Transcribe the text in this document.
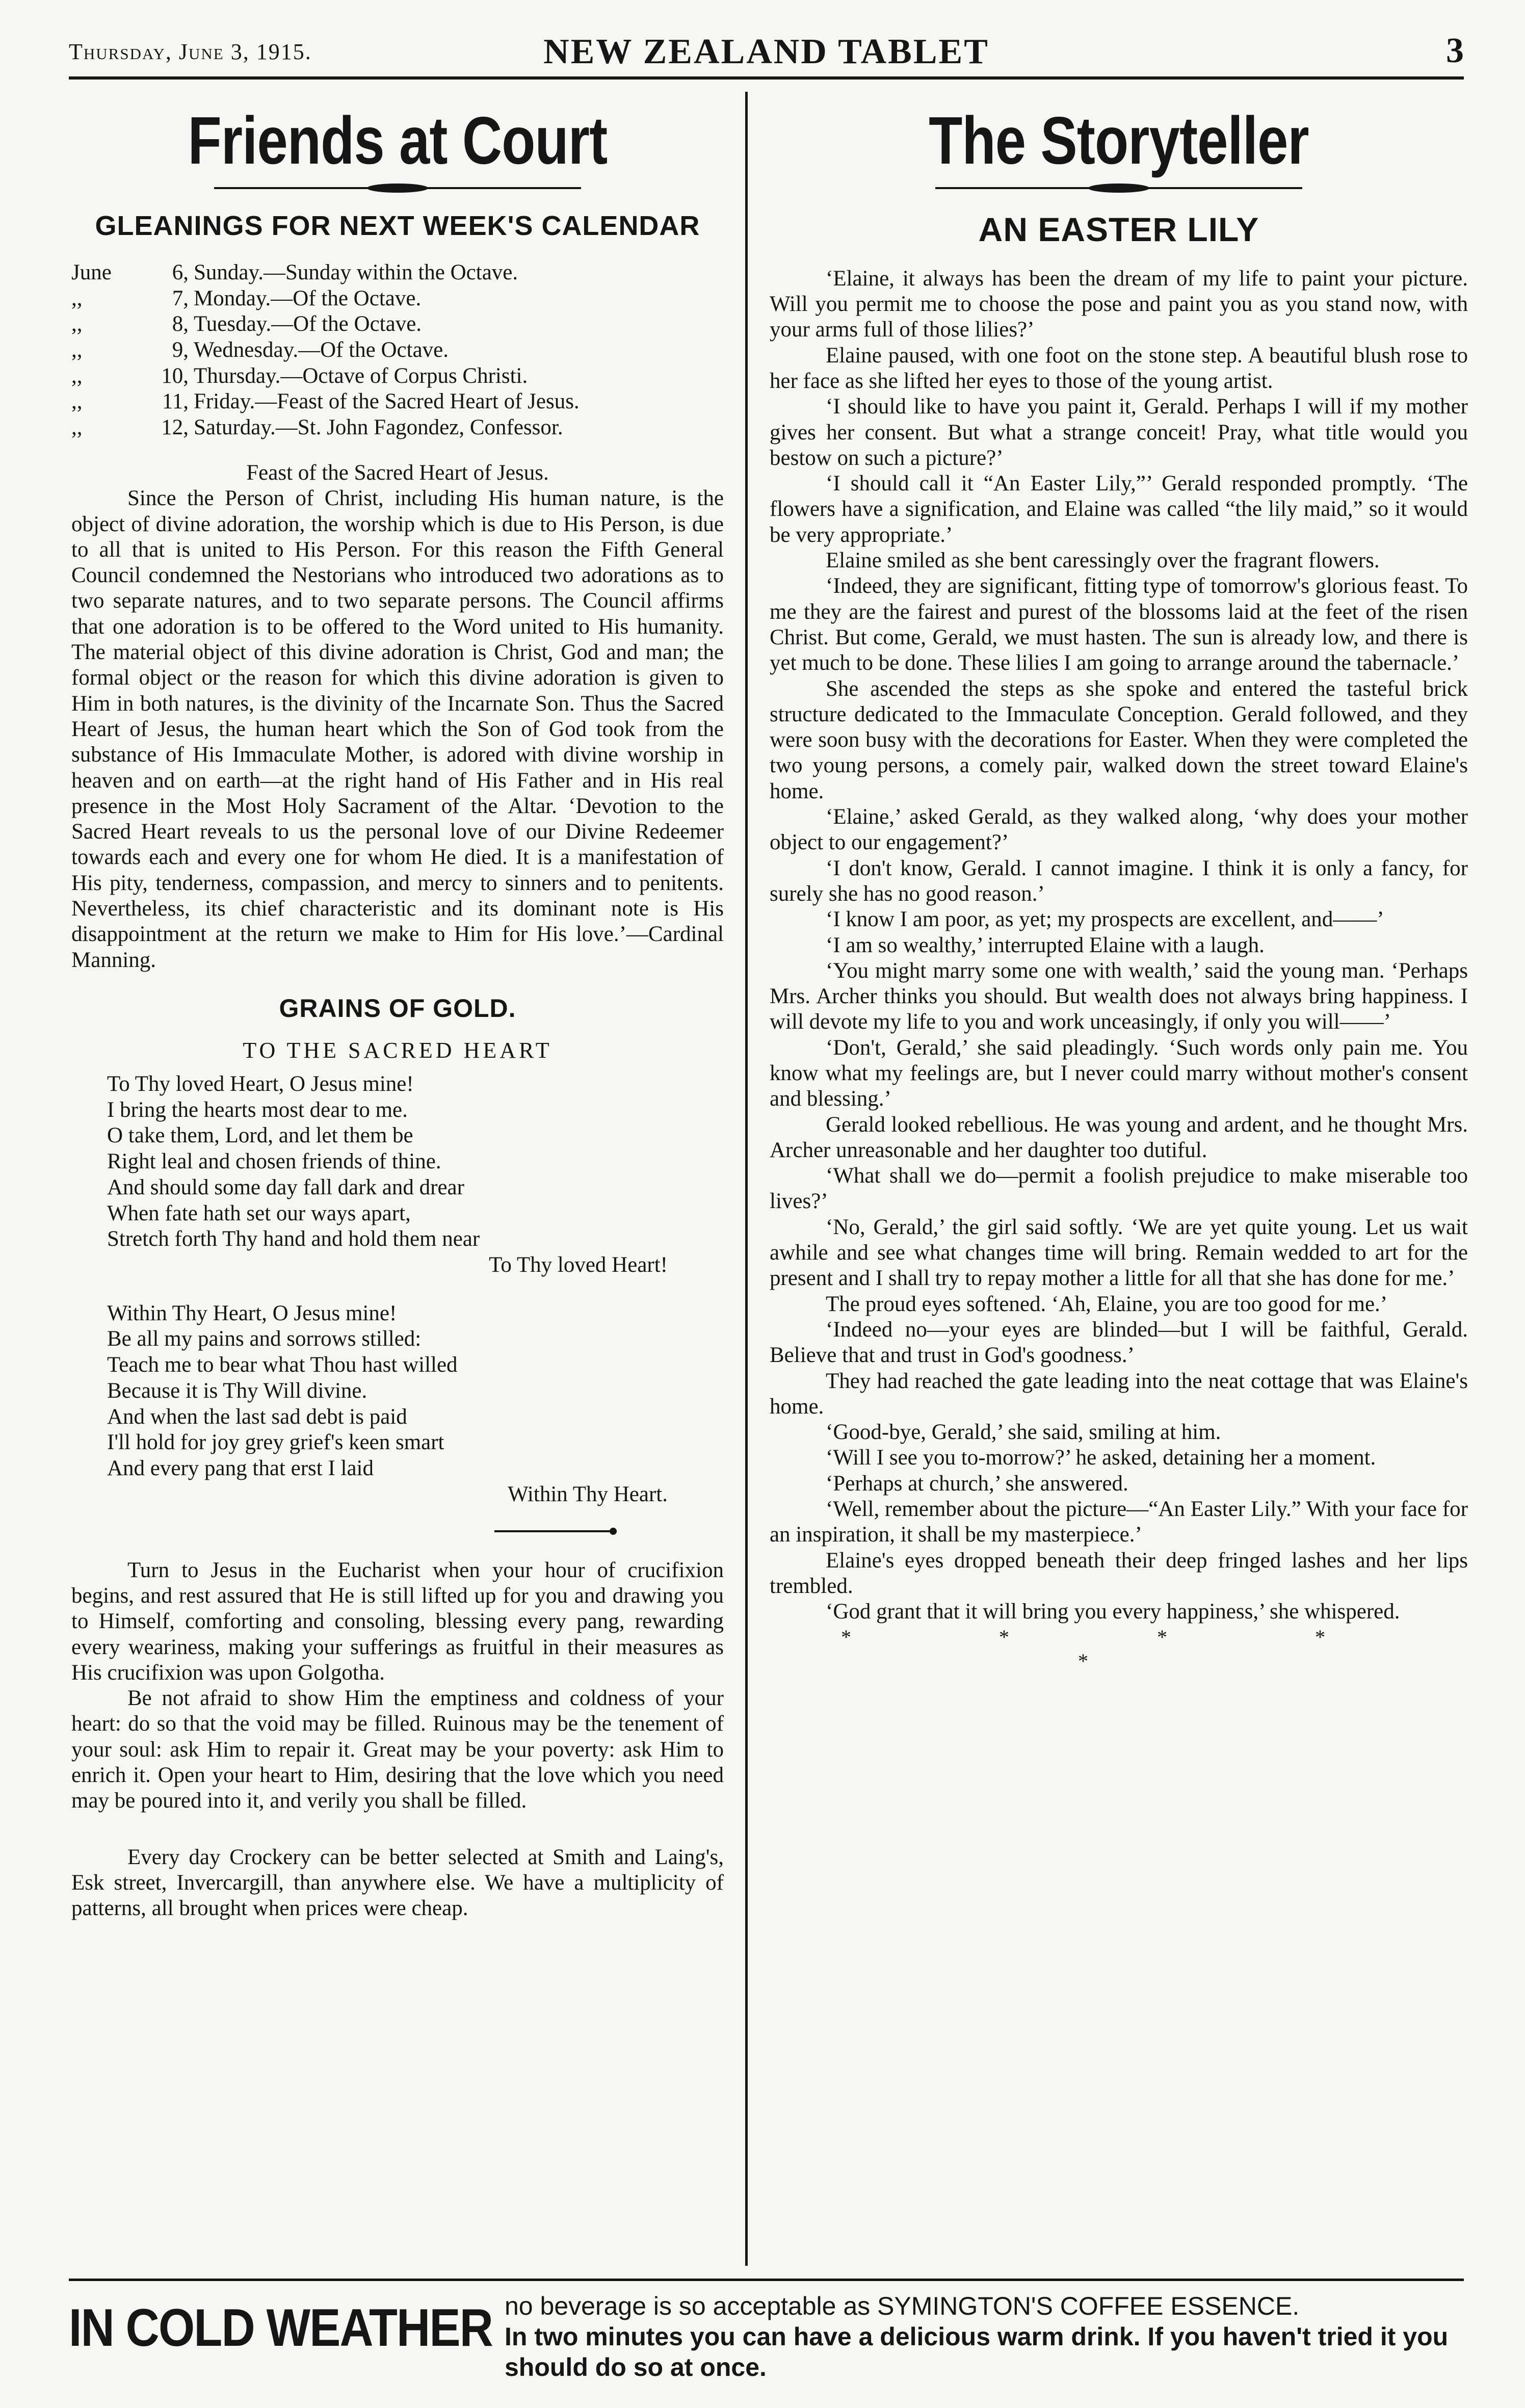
Thursday, June 3, 1915.	NEW ZEALAND TABLET	3
Friends at Court
GLEANINGS FOR NEXT WEEK'S CALENDAR
June	6, Sunday.—Sunday within the Octave.
,,	7, Monday.—Of the Octave.
,,	8, Tuesday.—Of the Octave.
,,	9, Wednesday.—Of the Octave.
,,	10, Thursday.—Octave of Corpus Christi.
,,	11, Friday.—Feast of the Sacred Heart of Jesus.
,,	12, Saturday.—St. John Fagondez, Confessor.

Feast of the Sacred Heart of Jesus.

Since the Person of Christ, including His human nature, is the object of divine adoration, the worship which is due to His Person, is due to all that is united to His Person. For this reason the Fifth General Council condemned the Nestorians who introduced two adorations as to two separate natures, and to two separate persons. The Council affirms that one adoration is to be offered to the Word united to His humanity. The material object of this divine adoration is Christ, God and man; the formal object or the reason for which this divine adoration is given to Him in both natures, is the divinity of the Incarnate Son. Thus the Sacred Heart of Jesus, the human heart which the Son of God took from the substance of His Immaculate Mother, is adored with divine worship in heaven and on earth—at the right hand of His Father and in His real presence in the Most Holy Sacrament of the Altar. ‘Devotion to the Sacred Heart reveals to us the personal love of our Divine Redeemer towards each and every one for whom He died. It is a manifestation of His pity, tenderness, compassion, and mercy to sinners and to penitents. Nevertheless, its chief characteristic and its dominant note is His disappointment at the return we make to Him for His love.’—Cardinal Manning.

GRAINS OF GOLD.
TO THE SACRED HEART
To Thy loved Heart, O Jesus mine!
I bring the hearts most dear to me.
O take them, Lord, and let them be
Right leal and chosen friends of thine.
And should some day fall dark and drear
When fate hath set our ways apart,
Stretch forth Thy hand and hold them near
To Thy loved Heart!
Within Thy Heart, O Jesus mine!
Be all my pains and sorrows stilled:
Teach me to bear what Thou hast willed
Because it is Thy Will divine.
And when the last sad debt is paid
I'll hold for joy grey grief's keen smart
And every pang that erst I laid
Within Thy Heart.

Turn to Jesus in the Eucharist when your hour of crucifixion begins, and rest assured that He is still lifted up for you and drawing you to Himself, comforting and consoling, blessing every pang, rewarding every weariness, making your sufferings as fruitful in their measures as His crucifixion was upon Golgotha.

Be not afraid to show Him the emptiness and coldness of your heart: do so that the void may be filled. Ruinous may be the tenement of your soul: ask Him to repair it. Great may be your poverty: ask Him to enrich it. Open your heart to Him, desiring that the love which you need may be poured into it, and verily you shall be filled.

Every day Crockery can be better selected at Smith and Laing's, Esk street, Invercargill, than anywhere else. We have a multiplicity of patterns, all brought when prices were cheap.

The Storyteller
AN EASTER LILY

‘Elaine, it always has been the dream of my life to paint your picture. Will you permit me to choose the pose and paint you as you stand now, with your arms full of those lilies?’

Elaine paused, with one foot on the stone step. A beautiful blush rose to her face as she lifted her eyes to those of the young artist.

‘I should like to have you paint it, Gerald. Perhaps I will if my mother gives her consent. But what a strange conceit! Pray, what title would you bestow on such a picture?’

‘I should call it “An Easter Lily,”’ Gerald responded promptly. ‘The flowers have a signification, and Elaine was called “the lily maid,” so it would be very appropriate.’

Elaine smiled as she bent caressingly over the fragrant flowers.

‘Indeed, they are significant, fitting type of tomorrow's glorious feast. To me they are the fairest and purest of the blossoms laid at the feet of the risen Christ. But come, Gerald, we must hasten. The sun is already low, and there is yet much to be done. These lilies I am going to arrange around the tabernacle.’

She ascended the steps as she spoke and entered the tasteful brick structure dedicated to the Immaculate Conception. Gerald followed, and they were soon busy with the decorations for Easter. When they were completed the two young persons, a comely pair, walked down the street toward Elaine's home.

‘Elaine,’ asked Gerald, as they walked along, ‘why does your mother object to our engagement?’

‘I don't know, Gerald. I cannot imagine. I think it is only a fancy, for surely she has no good reason.’

‘I know I am poor, as yet; my prospects are excellent, and——’

‘I am so wealthy,’ interrupted Elaine with a laugh.

‘You might marry some one with wealth,’ said the young man. ‘Perhaps Mrs. Archer thinks you should. But wealth does not always bring happiness. I will devote my life to you and work unceasingly, if only you will——’

‘Don't, Gerald,’ she said pleadingly. ‘Such words only pain me. You know what my feelings are, but I never could marry without mother's consent and blessing.’

Gerald looked rebellious. He was young and ardent, and he thought Mrs. Archer unreasonable and her daughter too dutiful.

‘What shall we do—permit a foolish prejudice to make miserable too lives?’

‘No, Gerald,’ the girl said softly. ‘We are yet quite young. Let us wait awhile and see what changes time will bring. Remain wedded to art for the present and I shall try to repay mother a little for all that she has done for me.’

The proud eyes softened. ‘Ah, Elaine, you are too good for me.’

‘Indeed no—your eyes are blinded—but I will be faithful, Gerald. Believe that and trust in God's goodness.’

They had reached the gate leading into the neat cottage that was Elaine's home.

‘Good-bye, Gerald,’ she said, smiling at him.

‘Will I see you to-morrow?’ he asked, detaining her a moment.

‘Perhaps at church,’ she answered.

‘Well, remember about the picture—“An Easter Lily.” With your face for an inspiration, it shall be my masterpiece.’

Elaine's eyes dropped beneath their deep fringed lashes and her lips trembled.

‘God grant that it will bring you every happiness,’ she whispered.

* * * * *
IN COLD WEATHER no beverage is so acceptable as SYMINGTON'S COFFEE ESSENCE.
In two minutes you can have a delicious warm drink. If you haven't tried it you should do so at once.
